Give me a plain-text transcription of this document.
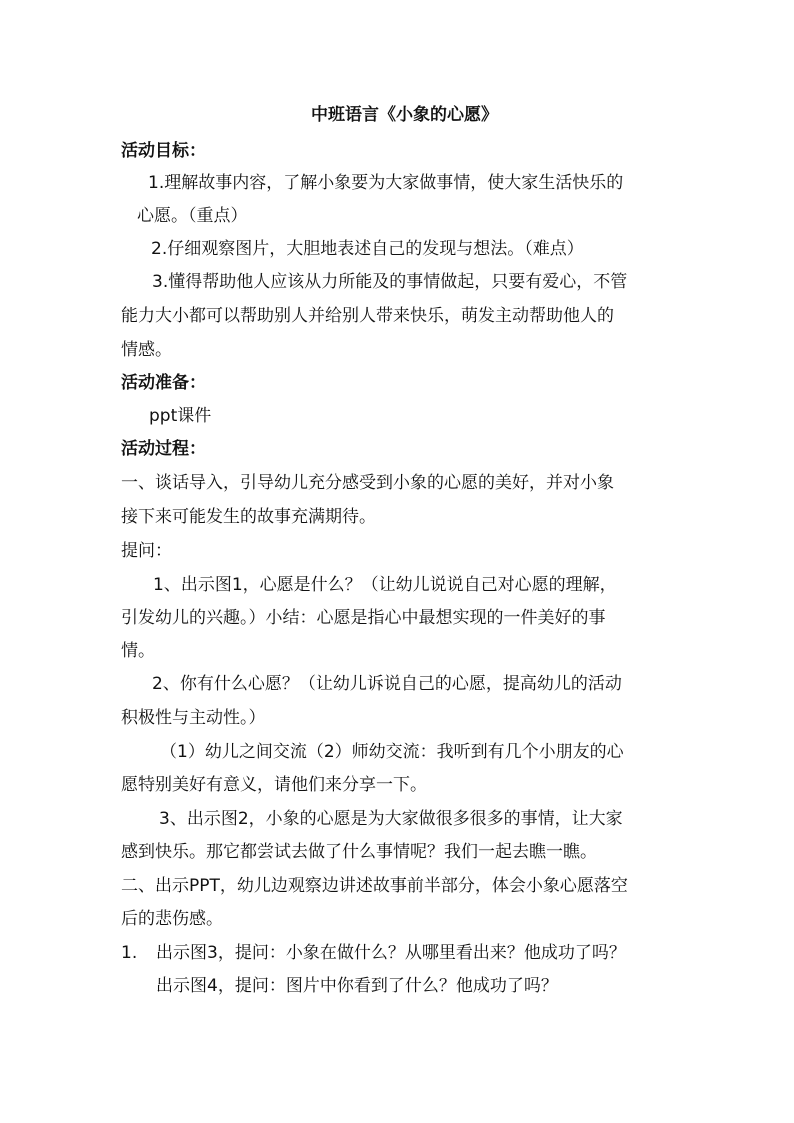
中班语言《小象的心愿》
活动目标：
1.理解故事内容，了解小象要为大家做事情，使大家生活快乐的
心愿。（重点）
2.仔细观察图片，大胆地表述自己的发现与想法。（难点）
3.懂得帮助他人应该从力所能及的事情做起，只要有爱心，不管
能力大小都可以帮助别人并给别人带来快乐，萌发主动帮助他人的
情感。
活动准备：
ppt课件
活动过程：
一、谈话导入，引导幼儿充分感受到小象的心愿的美好，并对小象
接下来可能发生的故事充满期待。
提问：
1、出示图1，心愿是什么？（让幼儿说说自己对心愿的理解，
引发幼儿的兴趣。）小结：心愿是指心中最想实现的一件美好的事
情。
2、你有什么心愿？（让幼儿诉说自己的心愿，提高幼儿的活动
积极性与主动性。）
（1）幼儿之间交流（2）师幼交流：我听到有几个小朋友的心
愿特别美好有意义，请他们来分享一下。
3、出示图2，小象的心愿是为大家做很多很多的事情，让大家
感到快乐。那它都尝试去做了什么事情呢？我们一起去瞧一瞧。
二、出示PPT，幼儿边观察边讲述故事前半部分，体会小象心愿落空
后的悲伤感。
1. 出示图3，提问：小象在做什么？从哪里看出来？他成功了吗？
出示图4，提问：图片中你看到了什么？他成功了吗？
